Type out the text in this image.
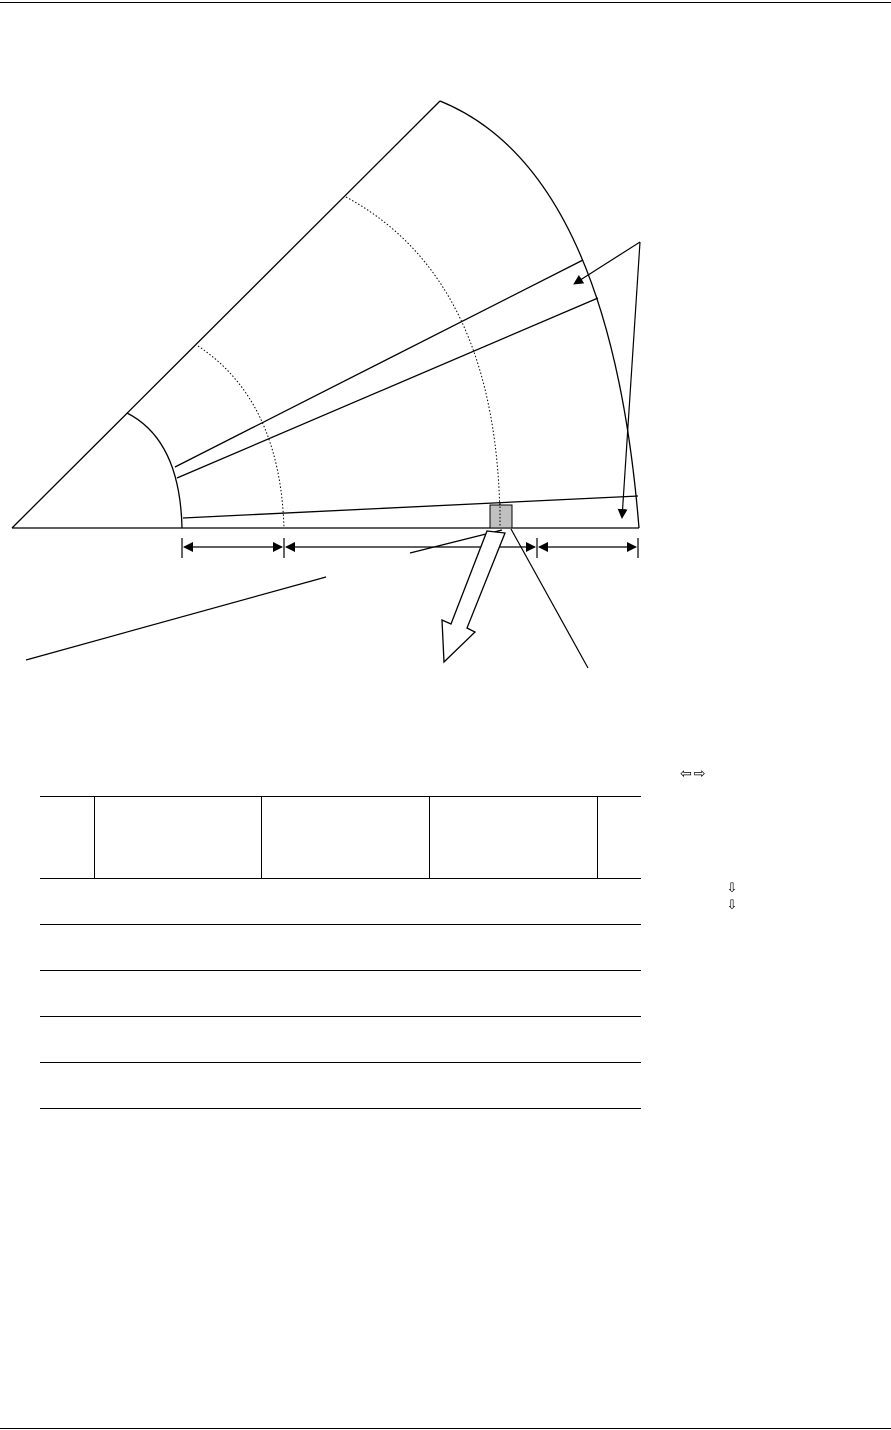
⇦ ⇨
⇩
⇩
